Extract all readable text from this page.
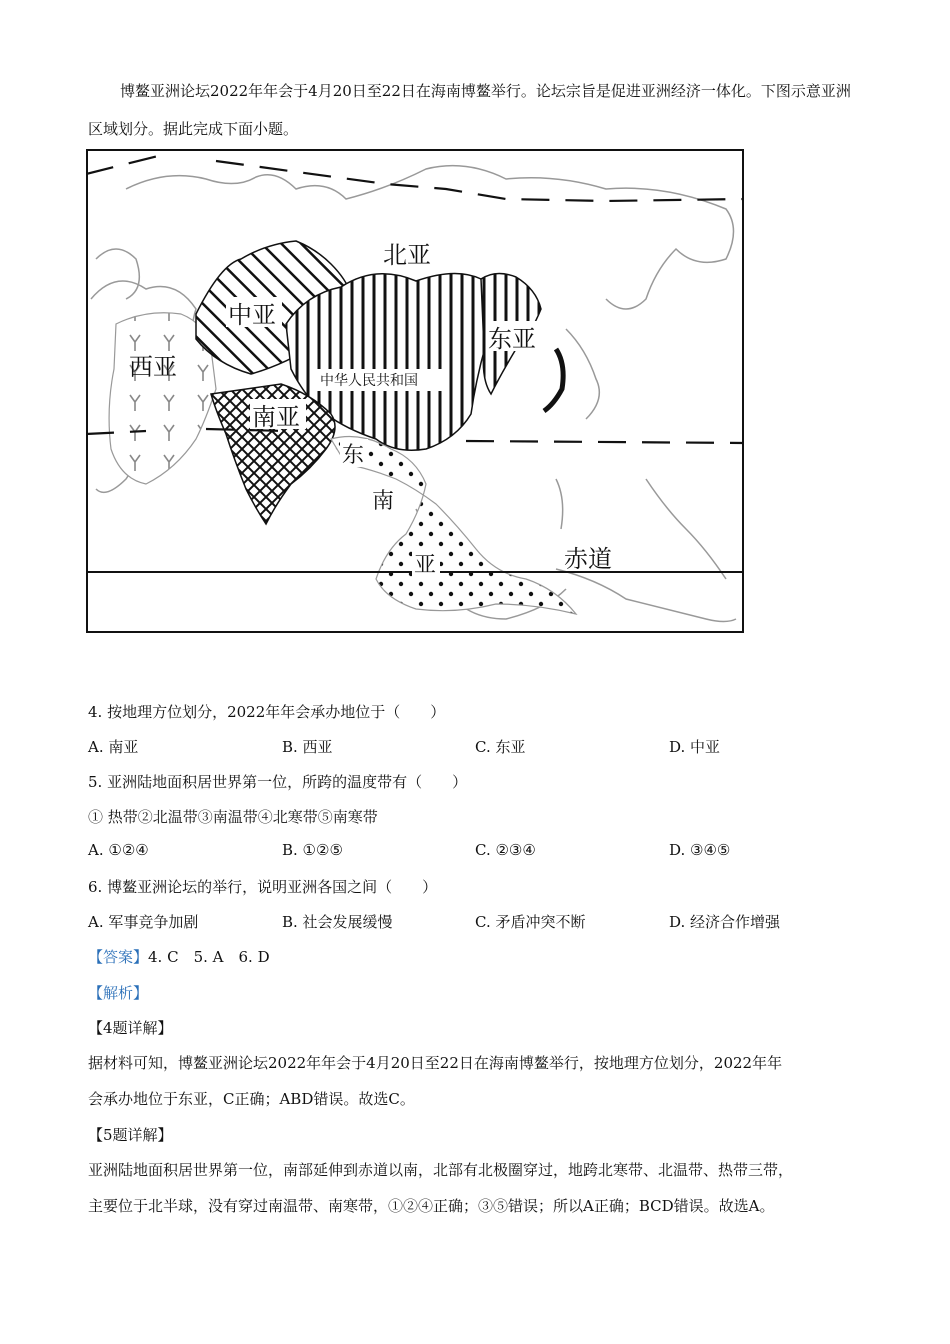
博鳌亚洲论坛2022年年会于4月20日至22日在海南博鳌举行。论坛宗旨是促进亚洲经济一体化。下图示意亚洲区域划分。据此完成下面小题。
北亚
中亚
东亚
西亚
南亚
中华人民共和国
东
南
亚	赤道
4. 按地理方位划分，2022年年会承办地位于（　　）
A. 南亚	B. 西亚	C. 东亚	D. 中亚
5. 亚洲陆地面积居世界第一位，所跨的温度带有（　　）
① 热带②北温带③南温带④北寒带⑤南寒带
A. ①②④	B. ①②⑤	C. ②③④	D. ③④⑤
6. 博鳌亚洲论坛的举行，说明亚洲各国之间（　　）
A. 军事竞争加剧	B. 社会发展缓慢	C. 矛盾冲突不断	D. 经济合作增强
【答案】4. C　5. A　6. D
【解析】
【4题详解】
据材料可知，博鳌亚洲论坛2022年年会于4月20日至22日在海南博鳌举行，按地理方位划分，2022年年
会承办地位于东亚，C正确；ABD错误。故选C。
【5题详解】
亚洲陆地面积居世界第一位，南部延伸到赤道以南，北部有北极圈穿过，地跨北寒带、北温带、热带三带，
主要位于北半球，没有穿过南温带、南寒带，①②④正确；③⑤错误；所以A正确；BCD错误。故选A。
